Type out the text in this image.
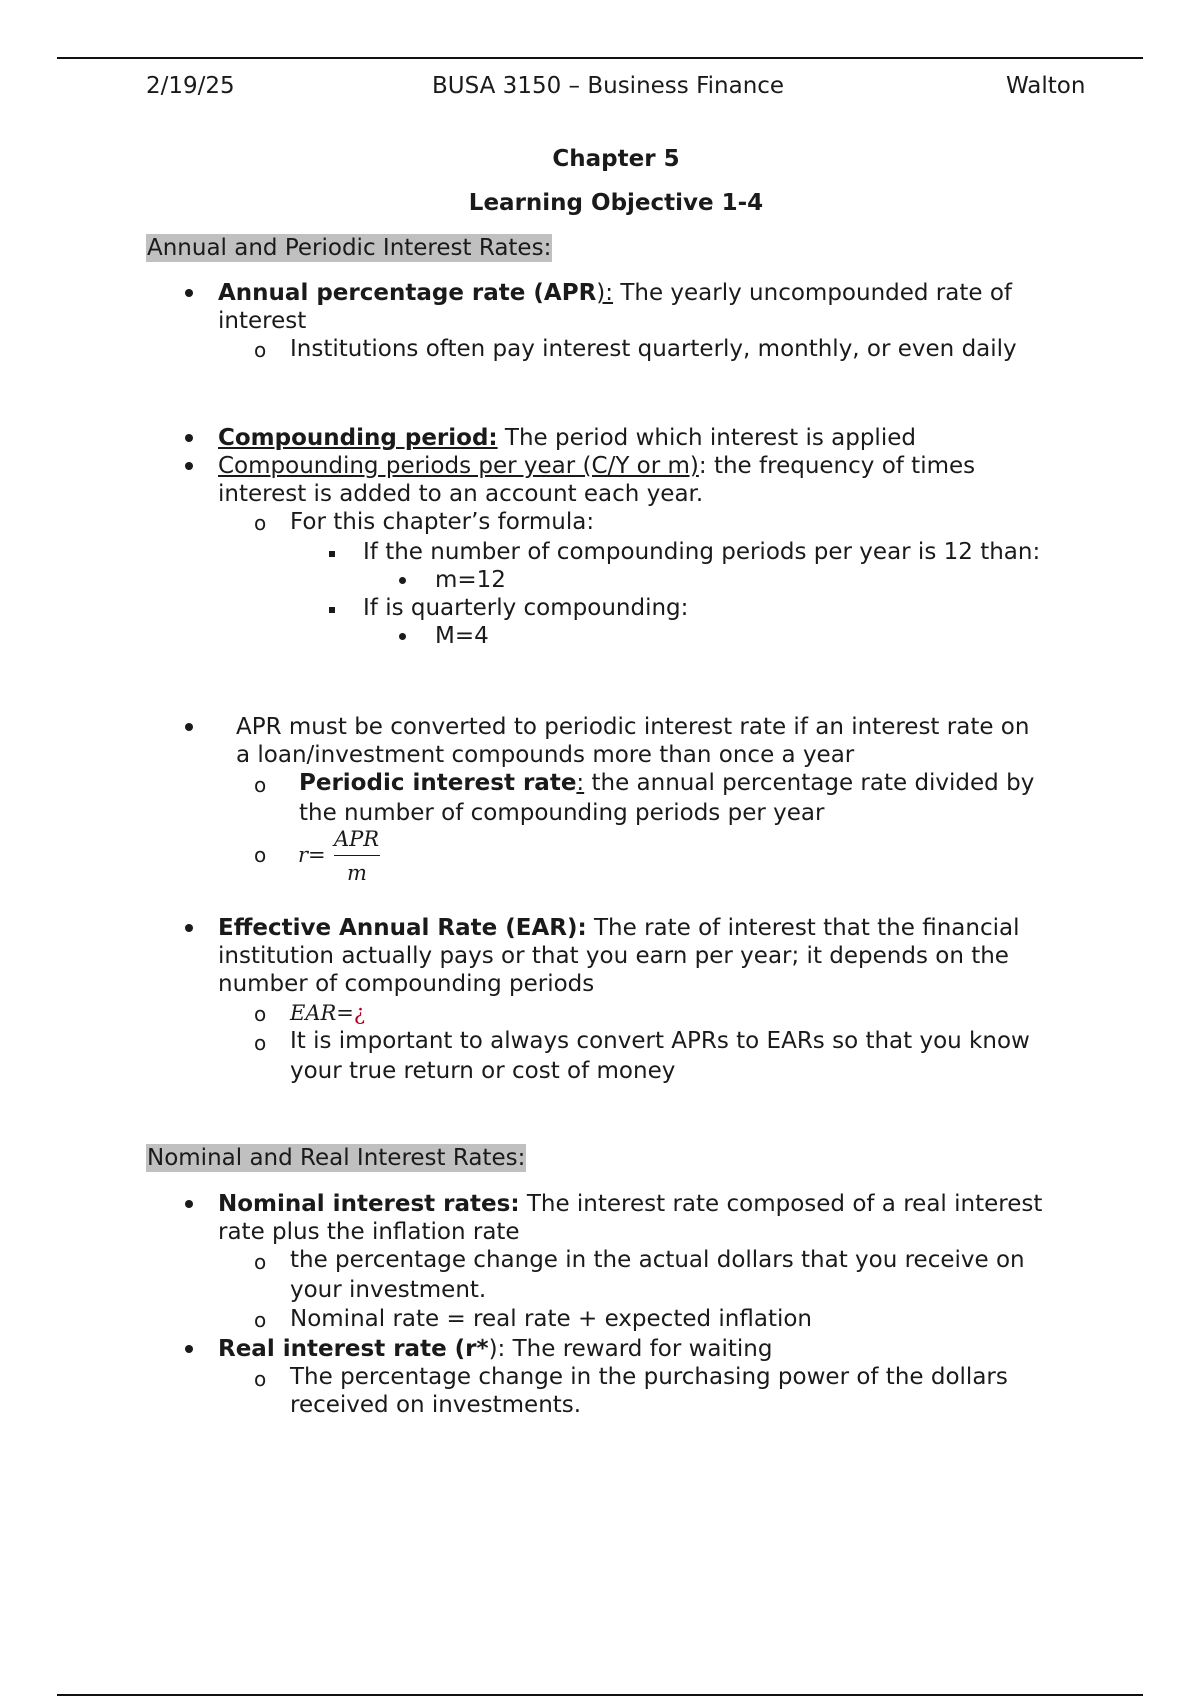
2/19/25	BUSA 3150 – Business Finance	Walton
Chapter 5
Learning Objective 1-4
Annual and Periodic Interest Rates:
Annual percentage rate (APR): The yearly uncompounded rate of
interest
o Institutions often pay interest quarterly, monthly, or even daily
Compounding period: The period which interest is applied
Compounding periods per year (C/Y or m): the frequency of times
interest is added to an account each year.
o For this chapter’s formula:
If the number of compounding periods per year is 12 than:
m=12
If is quarterly compounding:
M=4
APR must be converted to periodic interest rate if an interest rate on
a loan/investment compounds more than once a year
o Periodic interest rate: the annual percentage rate divided by
the number of compounding periods per year
o r=
APR
m
Effective Annual Rate (EAR): The rate of interest that the financial
institution actually pays or that you earn per year; it depends on the
number of compounding periods
o EAR=¿
o It is important to always convert APRs to EARs so that you know
your true return or cost of money
Nominal and Real Interest Rates:
Nominal interest rates: The interest rate composed of a real interest
rate plus the inflation rate
o the percentage change in the actual dollars that you receive on
your investment.
o Nominal rate = real rate + expected inflation
Real interest rate (r*): The reward for waiting
o The percentage change in the purchasing power of the dollars
received on investments.
